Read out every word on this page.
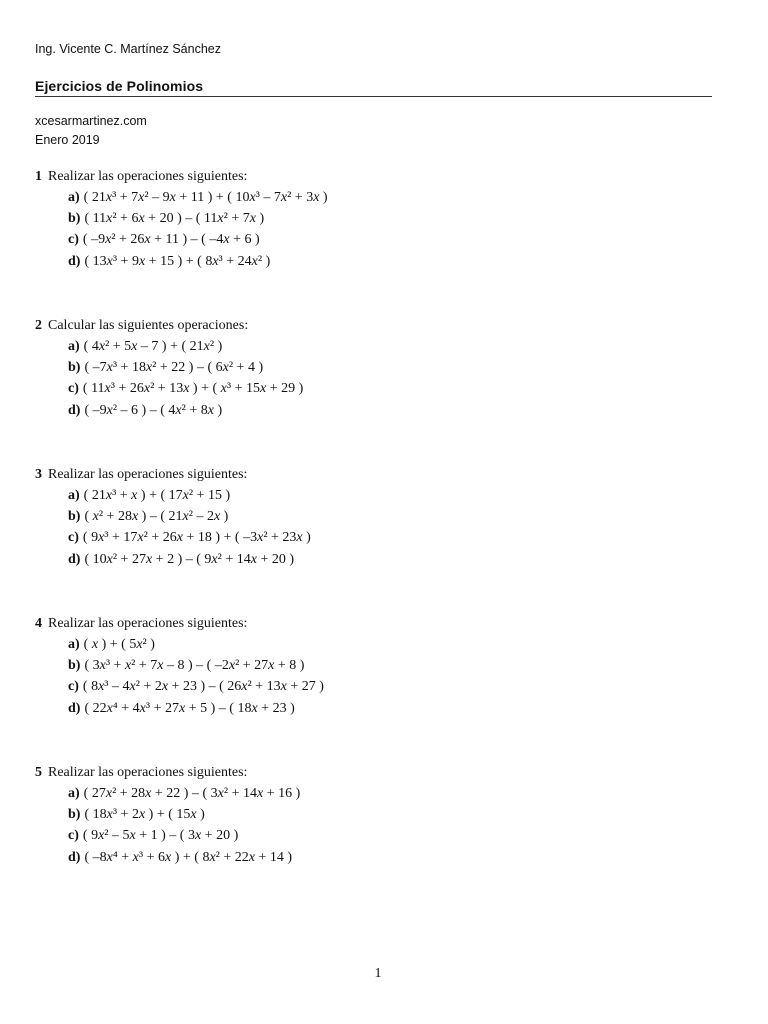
Ing. Vicente C. Martínez Sánchez
Ejercicios de Polinomios
xcesarmartinez.com
Enero 2019
1 Realizar las operaciones siguientes:
a) ( 21x³ + 7x² – 9x + 11 ) + ( 10x³ – 7x² + 3x )
b) ( 11x² + 6x + 20 ) – ( 11x² + 7x )
c) ( –9x² + 26x + 11 ) – ( –4x + 6 )
d) ( 13x³ + 9x + 15 ) + ( 8x³ + 24x² )
2 Calcular las siguientes operaciones:
a) ( 4x² + 5x – 7 ) + ( 21x² )
b) ( –7x³ + 18x² + 22 ) – ( 6x² + 4 )
c) ( 11x³ + 26x² + 13x ) + ( x³ + 15x + 29 )
d) ( –9x² – 6 ) – ( 4x² + 8x )
3 Realizar las operaciones siguientes:
a) ( 21x³ + x ) + ( 17x² + 15 )
b) ( x² + 28x ) – ( 21x² – 2x )
c) ( 9x³ + 17x² + 26x + 18 ) + ( –3x² + 23x )
d) ( 10x² + 27x + 2 ) – ( 9x² + 14x + 20 )
4 Realizar las operaciones siguientes:
a) ( x ) + ( 5x² )
b) ( 3x³ + x² + 7x – 8 ) – ( –2x² + 27x + 8 )
c) ( 8x³ – 4x² + 2x + 23 ) – ( 26x² + 13x + 27 )
d) ( 22x⁴ + 4x³ + 27x + 5 ) – ( 18x + 23 )
5 Realizar las operaciones siguientes:
a) ( 27x² + 28x + 22 ) – ( 3x² + 14x + 16 )
b) ( 18x³ + 2x ) + ( 15x )
c) ( 9x² – 5x + 1 ) – ( 3x + 20 )
d) ( –8x⁴ + x³ + 6x ) + ( 8x² + 22x + 14 )
1
